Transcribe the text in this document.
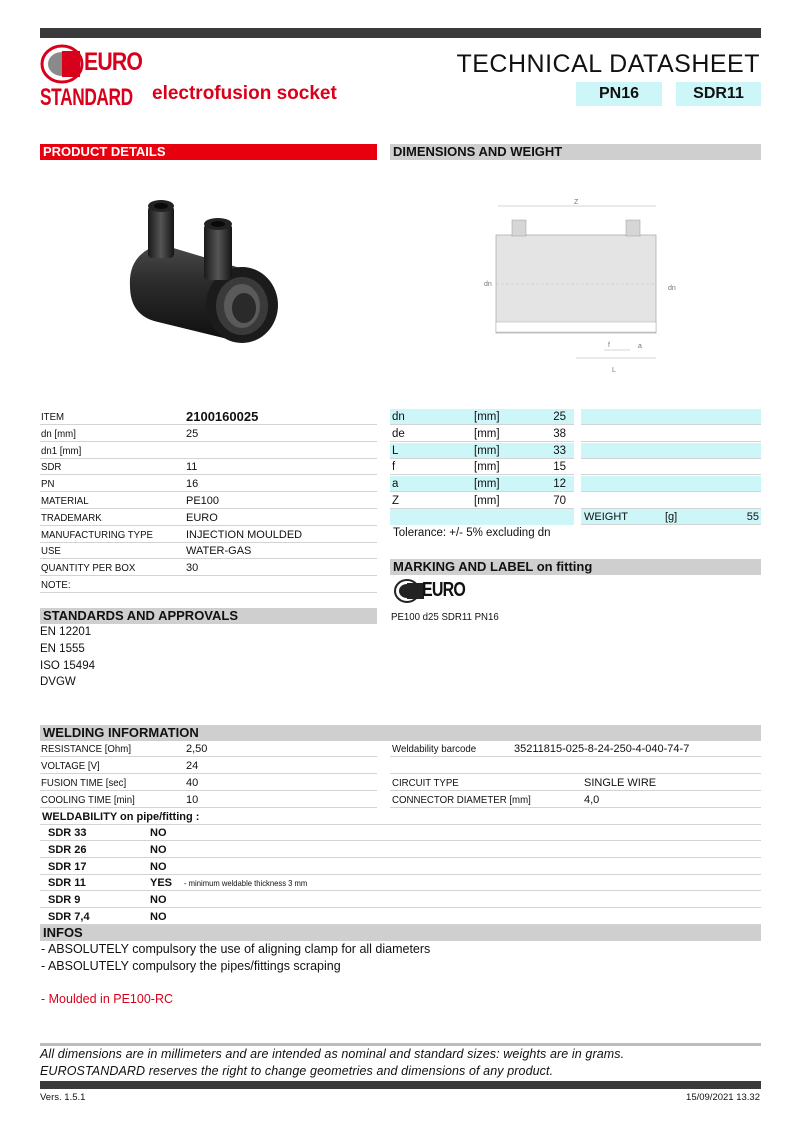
EURO
STANDARD
TECHNICAL DATASHEET
electrofusion socket	PN16	SDR11
PRODUCT DETAILS	DIMENSIONS AND WEIGHT
Z
dn
dn
f	a
L
ITEM	2100160025
dn [mm]	25
dn1 [mm]
SDR	11
PN	16
MATERIAL	PE100
TRADEMARK	EURO
MANUFACTURING TYPE	INJECTION MOULDED
USE	WATER-GAS
QUANTITY PER BOX	30
NOTE:
dn	[mm]	25
de	[mm]	38
L	[mm]	33
f	[mm]	15
a	[mm]	12
Z	[mm]	70
WEIGHT	[g]	55
Tolerance: +/- 5% excluding dn
MARKING AND LABEL on fitting
EURO
PE100 d25 SDR11 PN16
STANDARDS AND APPROVALS
EN 12201
EN 1555
ISO 15494
DVGW
WELDING INFORMATION
RESISTANCE [Ohm]	2,50
VOLTAGE [V]	24
FUSION TIME [sec]	40
COOLING TIME [min]	10
Weldability barcode	35211815-025-8-24-250-4-040-74-7
CIRCUIT TYPE	SINGLE WIRE
CONNECTOR DIAMETER [mm]	4,0
WELDABILITY on pipe/fitting :
SDR 33	NO
SDR 26	NO
SDR 17	NO
SDR 11	YES - minimum weldable thickness 3 mm
SDR 9	NO
SDR 7,4	NO
INFOS
- ABSOLUTELY compulsory the use of aligning clamp for all diameters
- ABSOLUTELY compulsory the pipes/fittings scraping
- Moulded in PE100-RC
All dimensions are in millimeters and are intended as nominal and standard sizes: weights are in grams.
EUROSTANDARD reserves the right to change geometries and dimensions of any product.
Vers. 1.5.1	15/09/2021 13.32
